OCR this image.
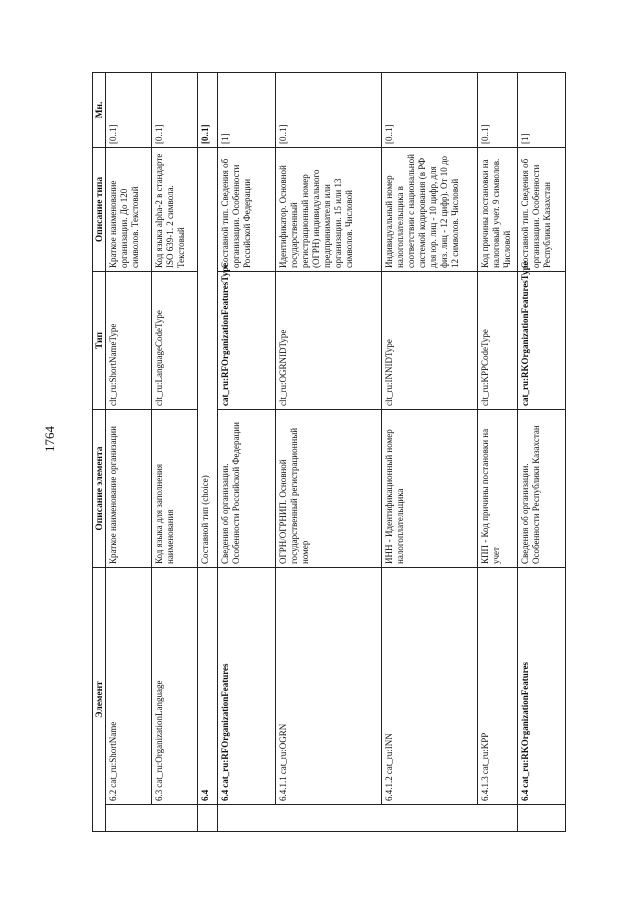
1764
Элемент
Описание элемента
Тип
Описание типа
Мн.
6.2cat_ru:ShortName
Краткое наименование организации
clt_ru:ShortNameType
Краткое наименование организации. До 120 символов. Текстовый
[0..1]
6.3cat_ru:OrganizationLanguage
Код языка для заполнения наименования
clt_ru:LanguageCodeType
Код языка alpha-2 в стандарте ISO 639-1. 2 символа. Текстовый
[0..1]
6.4
Составной тип (choice)
[0..1]
6.4cat_ru:RFOrganizationFeatures
Сведения об организации. Особенности Российской Федерации
cat_ru:RFOrganizationFeaturesType
Составной тип. Сведения об организации. Особенности Российской Федерации
[1]
6.4.1.1cat_ru:OGRN
ОГРН/ОГРНИП. Основной государственный регистрационный номер
clt_ru:OGRNIDType
Идентификатор. Основной государственный регистрационный номер (ОГРН) индивидуального предпринимателя или организации. 15 или 13 символов. Числовой
[0..1]
6.4.1.2cat_ru:INN
ИНН - Идентификационный номер налогоплательщика
clt_ru:INNIDType
Индивидуальный номер налогоплательщика в соответствии с национальной системой кодирования (в РФ для юр. лиц - 10 цифр, для физ. лиц - 12 цифр). От 10 до 12 символов. Числовой
[0..1]
6.4.1.3cat_ru:KPP
КПП - Код причины постановки на учет
clt_ru:KPPCodeType
Код причины постановки на налоговый учет. 9 символов. Числовой
[0..1]
6.4cat_ru:RKOrganizationFeatures
Сведения об организации. Особенности Республики Казахстан
cat_ru:RKOrganizationFeaturesType
Составной тип. Сведения об организации. Особенности Республики Казахстан
[1]
